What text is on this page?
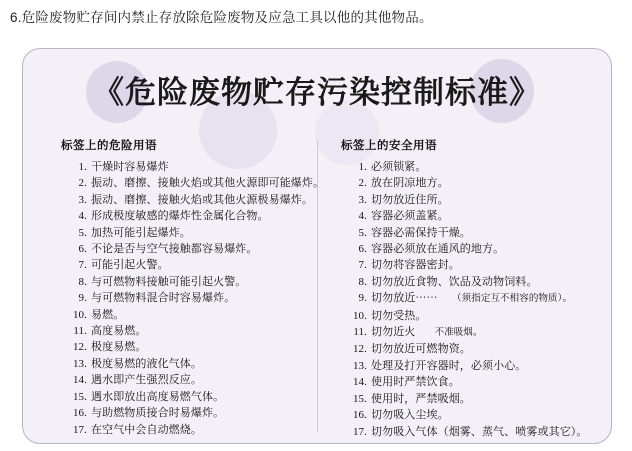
6.危险废物贮存间内禁止存放除危险废物及应急工具以他的其他物品。
《危险废物贮存污染控制标准》
标签上的危险用语
1. 干燥时容易爆炸
2. 振动、磨擦、接触火焰或其他火源即可能爆炸。
3. 振动、磨擦、接触火焰或其他火源极易爆炸。
4. 形成极度敏感的爆炸性金属化合物。
5. 加热可能引起爆炸。
6. 不论是否与空气接触都容易爆炸。
7. 可能引起火警。
8. 与可燃物料接触可能引起火警。
9. 与可燃物料混合时容易爆炸。
10. 易燃。
11. 高度易燃。
12. 极度易燃。
13. 极度易燃的液化气体。
14. 遇水即产生强烈反应。
15. 遇水即放出高度易燃气体。
16. 与助燃物质接合时易爆炸。
17. 在空气中会自动燃烧。
标签上的安全用语
1. 必须锁紧。
2. 放在阴凉地方。
3. 切勿放近住所。
4. 容器必须盖紧。
5. 容器必需保持干燥。
6. 容器必须放在通风的地方。
7. 切勿将容器密封。
8. 切勿放近食物、饮品及动物饲料。
9. 切勿放近⋯⋯　　（须指定互不相容的物质）。
10. 切勿受热。
11. 切勿近火　　不准吸烟。
12. 切勿放近可燃物资。
13. 处理及打开容器时，必须小心。
14. 使用时严禁饮食。
15. 使用时，严禁吸烟。
16. 切勿吸入尘埃。
17. 切勿吸入气体（烟雾、蒸气、喷雾或其它）。
